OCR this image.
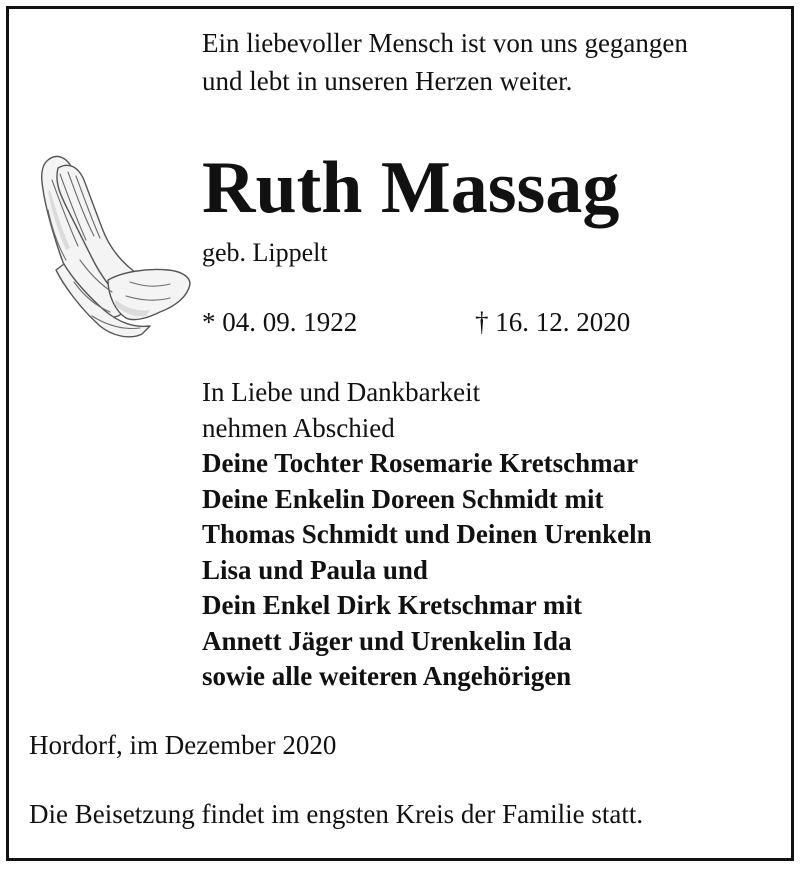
Ein liebevoller Mensch ist von uns gegangen
und lebt in unseren Herzen weiter.
Ruth Massag
geb. Lippelt
* 04. 09. 1922	† 16. 12. 2020
In Liebe und Dankbarkeit
nehmen Abschied
Deine Tochter Rosemarie Kretschmar
Deine Enkelin Doreen Schmidt mit
Thomas Schmidt und Deinen Urenkeln
Lisa und Paula und
Dein Enkel Dirk Kretschmar mit
Annett Jäger und Urenkelin Ida
sowie alle weiteren Angehörigen
Hordorf, im Dezember 2020
Die Beisetzung findet im engsten Kreis der Familie statt.
